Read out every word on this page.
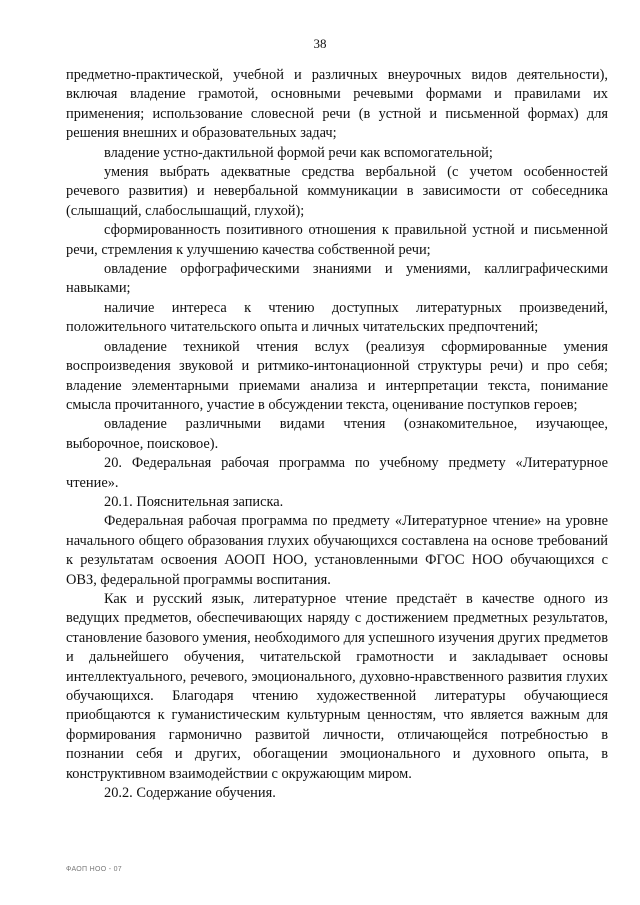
38

предметно-практической, учебной и различных внеурочных видов деятельности), включая владение грамотой, основными речевыми формами и правилами их применения; использование словесной речи (в устной и письменной формах) для решения внешних и образовательных задач;

владение устно-дактильной формой речи как вспомогательной;

умения выбрать адекватные средства вербальной (с учетом особенностей речевого развития) и невербальной коммуникации в зависимости от собеседника (слышащий, слабослышащий, глухой);

сформированность позитивного отношения к правильной устной и письменной речи, стремления к улучшению качества собственной речи;

овладение орфографическими знаниями и умениями, каллиграфическими навыками;

наличие интереса к чтению доступных литературных произведений, положительного читательского опыта и личных читательских предпочтений;

овладение техникой чтения вслух (реализуя сформированные умения воспроизведения звуковой и ритмико-интонационной структуры речи) и про себя; владение элементарными приемами анализа и интерпретации текста, понимание смысла прочитанного, участие в обсуждении текста, оценивание поступков героев;

овладение различными видами чтения (ознакомительное, изучающее, выборочное, поисковое).

20. Федеральная рабочая программа по учебному предмету «Литературное чтение».

20.1. Пояснительная записка.

Федеральная рабочая программа по предмету «Литературное чтение» на уровне начального общего образования глухих обучающихся составлена на основе требований к результатам освоения АООП НОО, установленными ФГОС НОО обучающихся с ОВЗ, федеральной программы воспитания.

Как и русский язык, литературное чтение предстаёт в качестве одного из ведущих предметов, обеспечивающих наряду с достижением предметных результатов, становление базового умения, необходимого для успешного изучения других предметов и дальнейшего обучения, читательской грамотности и закладывает основы интеллектуального, речевого, эмоционального, духовно-нравственного развития глухих обучающихся. Благодаря чтению художественной литературы обучающиеся приобщаются к гуманистическим культурным ценностям, что является важным для формирования гармонично развитой личности, отличающейся потребностью в познании себя и других, обогащении эмоционального и духовного опыта, в конструктивном взаимодействии с окружающим миром.

20.2. Содержание обучения.

ФАОП НОО - 07
